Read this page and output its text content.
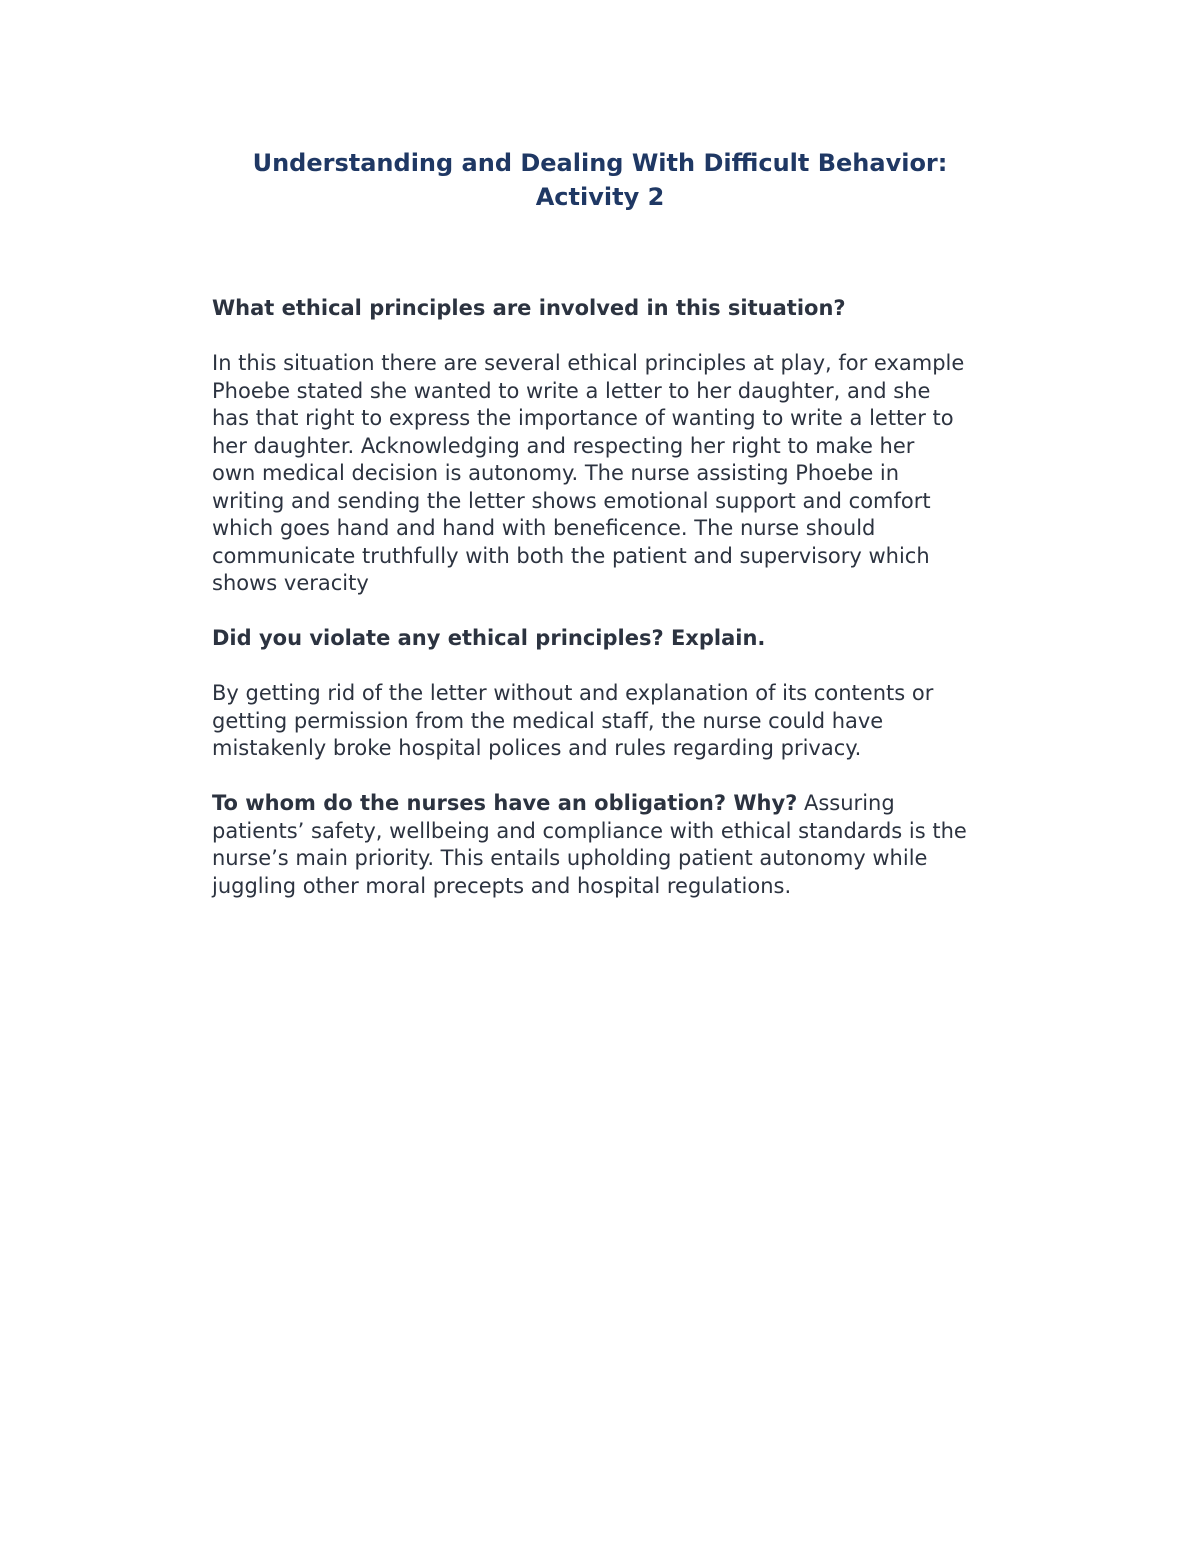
Understanding and Dealing With Difficult Behavior:
Activity 2
What ethical principles are involved in this situation?
In this situation there are several ethical principles at play, for example
Phoebe stated she wanted to write a letter to her daughter, and she
has that right to express the importance of wanting to write a letter to
her daughter. Acknowledging and respecting her right to make her
own medical decision is autonomy. The nurse assisting Phoebe in
writing and sending the letter shows emotional support and comfort
which goes hand and hand with beneficence. The nurse should
communicate truthfully with both the patient and supervisory which
shows veracity
Did you violate any ethical principles? Explain.
By getting rid of the letter without and explanation of its contents or
getting permission from the medical staff, the nurse could have
mistakenly broke hospital polices and rules regarding privacy.
To whom do the nurses have an obligation? Why? Assuring
patients’ safety, wellbeing and compliance with ethical standards is the
nurse’s main priority. This entails upholding patient autonomy while
juggling other moral precepts and hospital regulations.
